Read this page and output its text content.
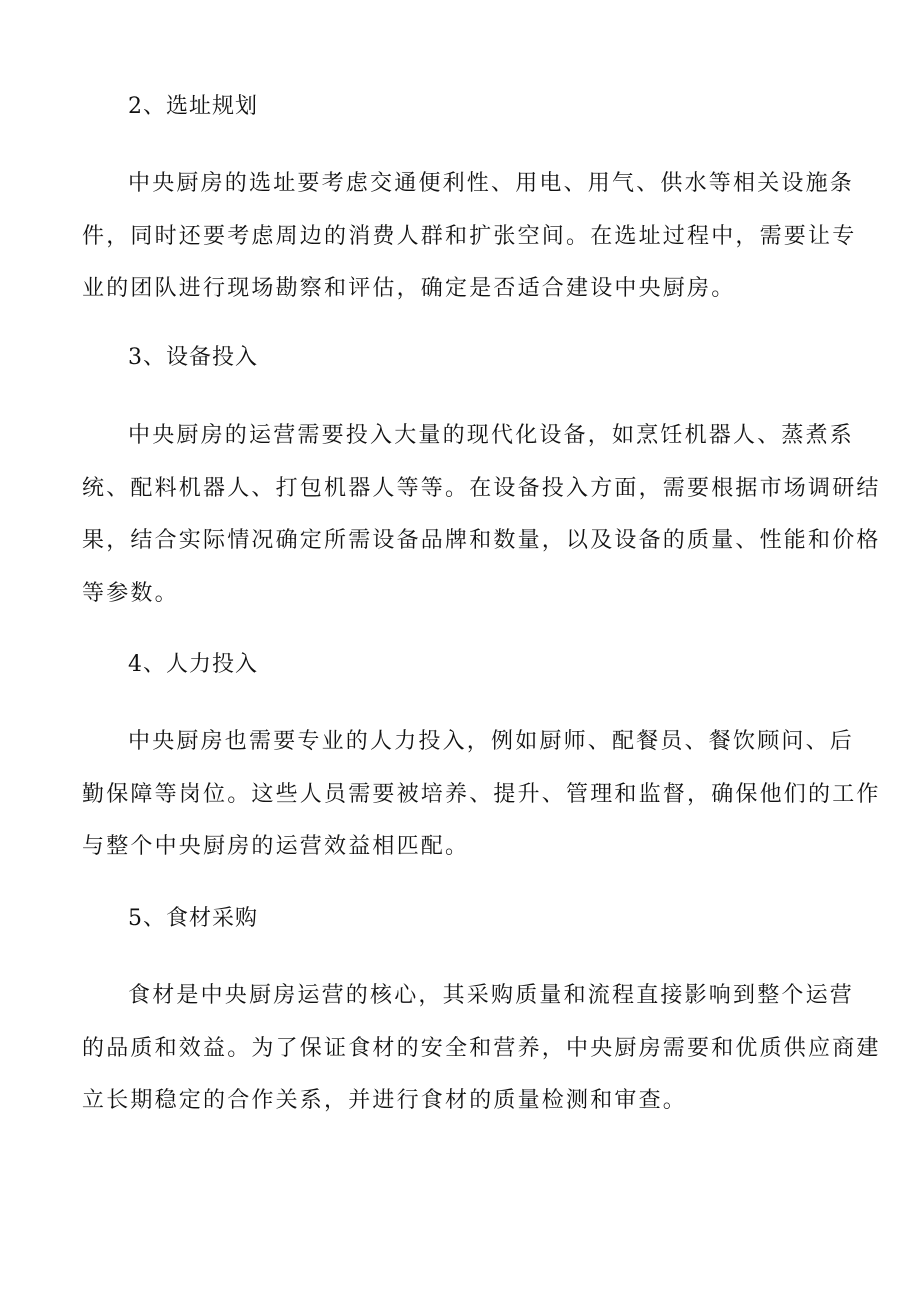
2、选址规划
中央厨房的选址要考虑交通便利性、用电、用气、供水等相关设施条
件，同时还要考虑周边的消费人群和扩张空间。在选址过程中，需要让专
业的团队进行现场勘察和评估，确定是否适合建设中央厨房。
3、设备投入
中央厨房的运营需要投入大量的现代化设备，如烹饪机器人、蒸煮系
统、配料机器人、打包机器人等等。在设备投入方面，需要根据市场调研结
果，结合实际情况确定所需设备品牌和数量，以及设备的质量、性能和价格
等参数。
4、人力投入
中央厨房也需要专业的人力投入，例如厨师、配餐员、餐饮顾问、后
勤保障等岗位。这些人员需要被培养、提升、管理和监督，确保他们的工作
与整个中央厨房的运营效益相匹配。
5、食材采购
食材是中央厨房运营的核心，其采购质量和流程直接影响到整个运营
的品质和效益。为了保证食材的安全和营养，中央厨房需要和优质供应商建
立长期稳定的合作关系，并进行食材的质量检测和审查。
